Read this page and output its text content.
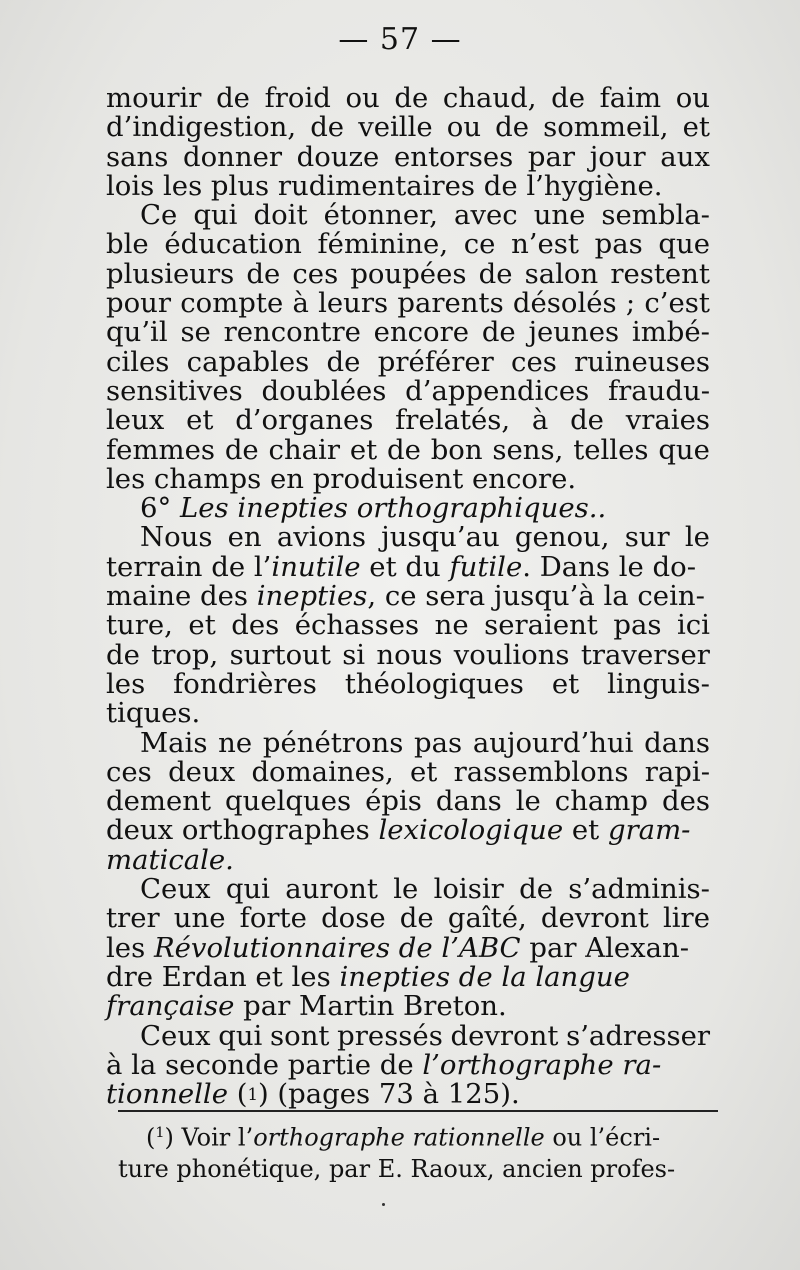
— 57 —
mourir de froid ou de chaud, de faim ou
d’indigestion, de veille ou de sommeil, et
sans donner douze entorses par jour aux
lois les plus rudimentaires de l’hygiène.
Ce qui doit étonner, avec une sembla-
ble éducation féminine, ce n’est pas que
plusieurs de ces poupées de salon restent
pour compte à leurs parents désolés ; c’est
qu’il se rencontre encore de jeunes imbé-
ciles capables de préférer ces ruineuses
sensitives doublées d’appendices fraudu-
leux et d’organes frelatés, à de vraies
femmes de chair et de bon sens, telles que
les champs en produisent encore.
6°
Les inepties orthographiques..
Nous en avions jusqu’au genou, sur le
terrain de l’ inutile et du futile . Dans le do-
maine des inepties , ce sera jusqu’à la cein-
ture, et des échasses ne seraient pas ici
de trop, surtout si nous voulions traverser
les fondrières théologiques et linguis-
tiques.
Mais ne pénétrons pas aujourd’hui dans
ces deux domaines, et rassemblons rapi-
dement quelques épis dans le champ des
deux orthographes lexicologique et gram-
maticale.
Ceux qui auront le loisir de s’adminis-
trer une forte dose de gaîté, devront lire
les Révolutionnaires de l’ABC par Alexan-
dre Erdan et les inepties de la langue
française par Martin Breton.
Ceux qui sont pressés devront s’adresser
à la seconde partie de l’orthographe ra-
tionnelle ( 1 ) (pages 73 à 125).
($^1$) Voir l’orthographe rationnelle ou l’écri-
ture phonétique, par E. Raoux, ancien profes-
